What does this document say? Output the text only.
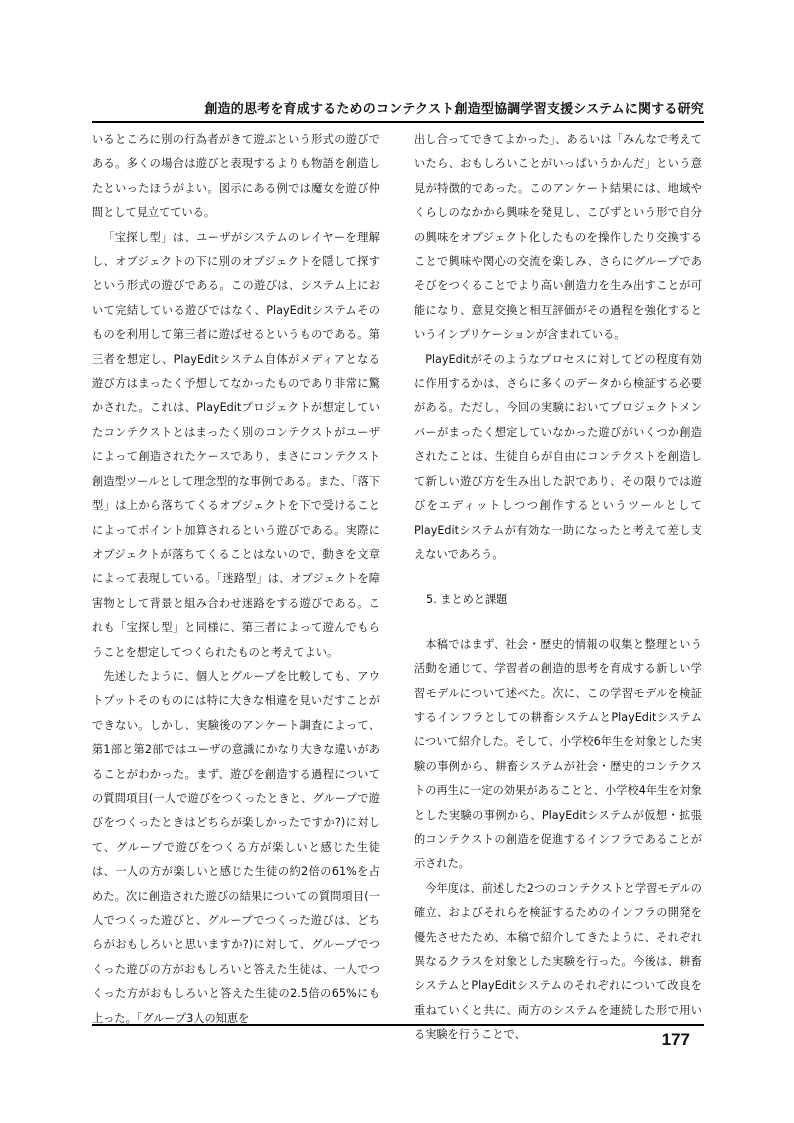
創造的思考を育成するためのコンテクスト創造型協調学習支援システムに関する研究

いるところに別の行為者がきて遊ぶという形式の遊びである。多くの場合は遊びと表現するよりも物語を創造したといったほうがよい。図示にある例では魔女を遊び仲間として見立てている。

「宝探し型」は、ユーザがシステムのレイヤーを理解し、オブジェクトの下に別のオブジェクトを隠して探すという形式の遊びである。この遊びは、システム上において完結している遊びではなく、PlayEditシステムそのものを利用して第三者に遊ばせるというものである。第三者を想定し、PlayEditシステム自体がメディアとなる遊び方はまったく予想してなかったものであり非常に驚かされた。これは、PlayEditプロジェクトが想定していたコンテクストとはまったく別のコンテクストがユーザによって創造されたケースであり、まさにコンテクスト創造型ツールとして理念型的な事例である。また、「落下型」は上から落ちてくるオブジェクトを下で受けることによってポイント加算されるという遊びである。実際にオブジェクトが落ちてくることはないので、動きを文章によって表現している。「迷路型」は、オブジェクトを障害物として背景と組み合わせ迷路をする遊びである。これも「宝探し型」と同様に、第三者によって遊んでもらうことを想定してつくられたものと考えてよい。

先述したように、個人とグループを比較しても、アウトプットそのものには特に大きな相違を見いだすことができない。しかし、実験後のアンケート調査によって、第1部と第2部ではユーザの意識にかなり大きな違いがあることがわかった。まず、遊びを創造する過程についての質問項目(一人で遊びをつくったときと、グループで遊びをつくったときはどちらが楽しかったですか?)に対して、グループで遊びをつくる方が楽しいと感じた生徒は、一人の方が楽しいと感じた生徒の約2倍の61%を占めた。次に創造された遊びの結果についての質問項目(一人でつくった遊びと、グループでつくった遊びは、どちらがおもしろいと思いますか?)に対して、グループでつくった遊びの方がおもしろいと答えた生徒は、一人でつくった方がおもしろいと答えた生徒の2.5倍の65%にも上った。「グループ3人の知恵を

出し合ってできてよかった」、あるいは「みんなで考えていたら、おもしろいことがいっぱいうかんだ」という意見が特徴的であった。このアンケート結果には、地域やくらしのなかから興味を発見し、こびずという形で自分の興味をオブジェクト化したものを操作したり交換することで興味や関心の交流を楽しみ、さらにグループであそびをつくることでより高い創造力を生み出すことが可能になり、意見交換と相互評価がその過程を強化するというインプリケーションが含まれている。

PlayEditがそのようなプロセスに対してどの程度有効に作用するかは、さらに多くのデータから検証する必要がある。ただし、今回の実験においてプロジェクトメンバーがまったく想定していなかった遊びがいくつか創造されたことは、生徒自らが自由にコンテクストを創造して新しい遊び方を生み出した訳であり、その限りでは遊びをエディットしつつ創作するというツールとしてPlayEditシステムが有効な一助になったと考えて差し支えないであろう。

5. まとめと課題

本稿ではまず、社会・歴史的情報の収集と整理という活動を通じて、学習者の創造的思考を育成する新しい学習モデルについて述べた。次に、この学習モデルを検証するインフラとしての耕畜システムとPlayEditシステムについて紹介した。そして、小学校6年生を対象とした実験の事例から、耕畜システムが社会・歴史的コンテクストの再生に一定の効果があることと、小学校4年生を対象とした実験の事例から、PlayEditシステムが仮想・拡張的コンテクストの創造を促進するインフラであることが示された。

今年度は、前述した2つのコンテクストと学習モデルの確立、およびそれらを検証するためのインフラの開発を優先させたため、本稿で紹介してきたように、それぞれ異なるクラスを対象とした実験を行った。今後は、耕畜システムとPlayEditシステムのそれぞれについて改良を重ねていくと共に、両方のシステムを連続した形で用いる実験を行うことで、	177
